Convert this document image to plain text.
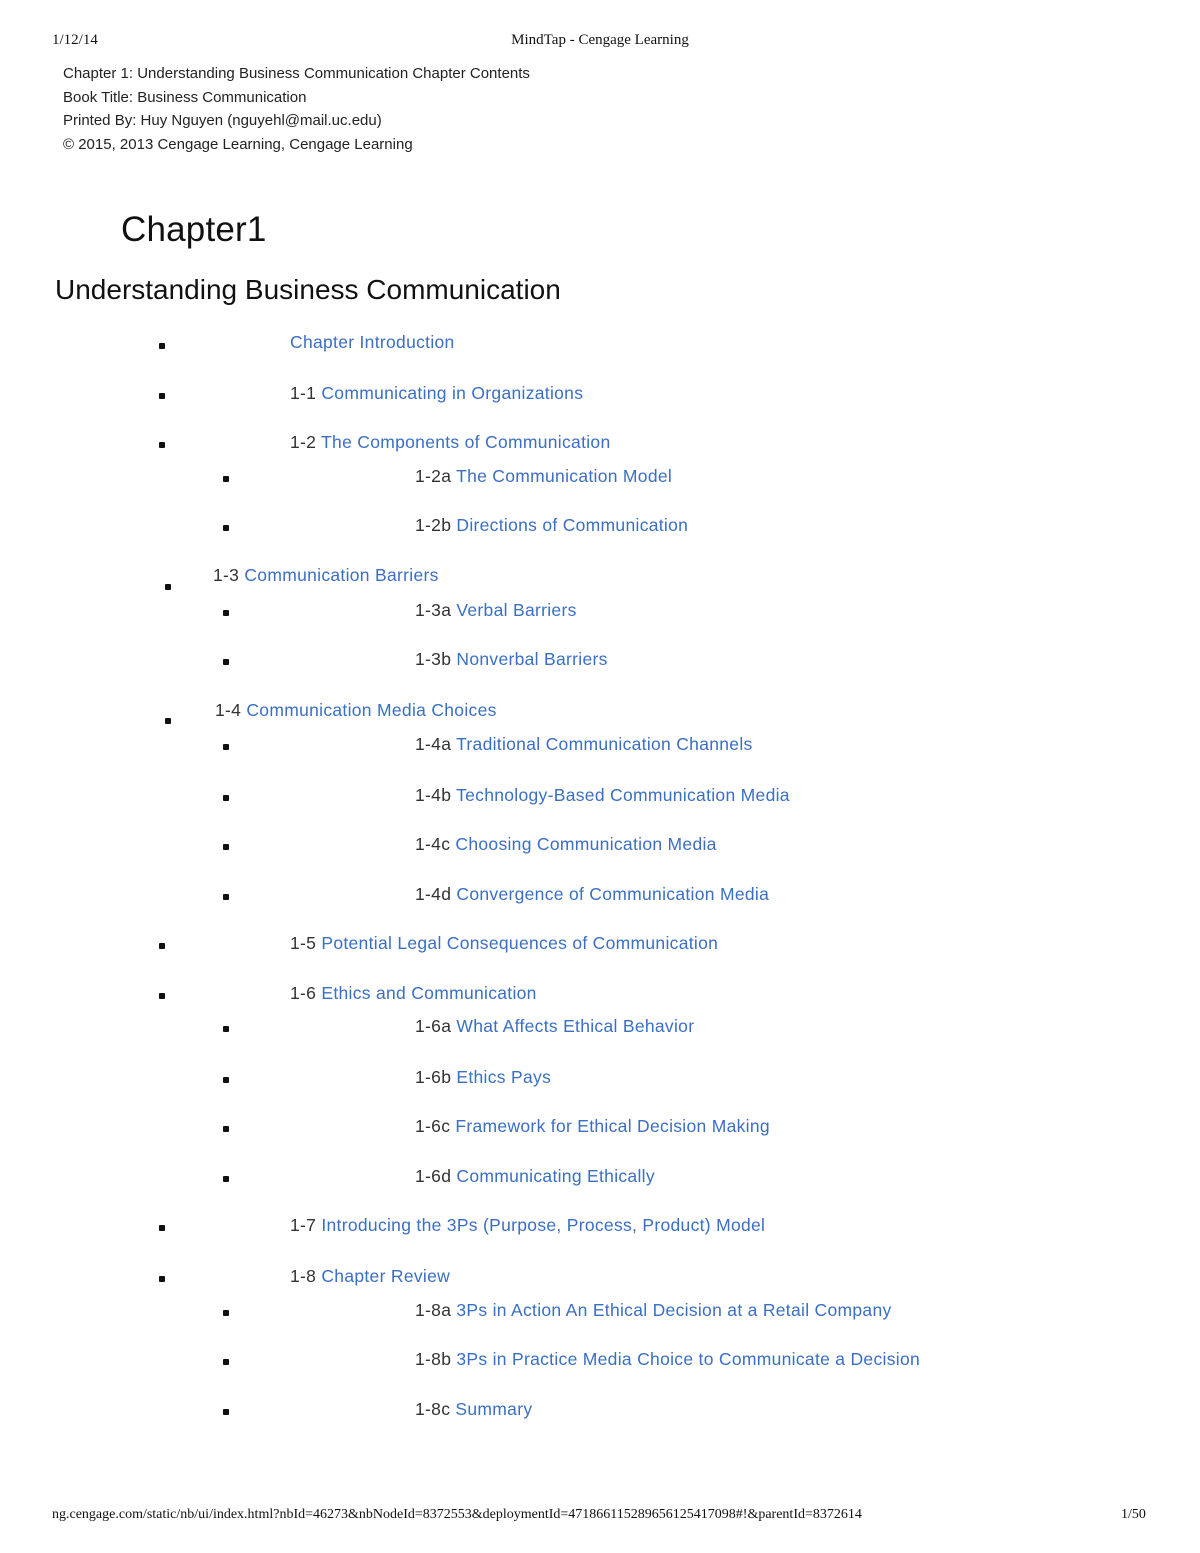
1/12/14	MindTap - Cengage Learning
Chapter 1: Understanding Business Communication Chapter Contents
Book Title: Business Communication
Printed By: Huy Nguyen (nguyehl@mail.uc.edu)
© 2015, 2013 Cengage Learning, Cengage Learning
Chapter1
Understanding Business Communication
Chapter Introduction
1-1 Communicating in Organizations
1-2 The Components of Communication
1-2a The Communication Model
1-2b Directions of Communication
1-3 Communication Barriers
1-3a Verbal Barriers
1-3b Nonverbal Barriers
1-4 Communication Media Choices
1-4a Traditional Communication Channels
1-4b Technology-Based Communication Media
1-4c Choosing Communication Media
1-4d Convergence of Communication Media
1-5 Potential Legal Consequences of Communication
1-6 Ethics and Communication
1-6a What Affects Ethical Behavior
1-6b Ethics Pays
1-6c Framework for Ethical Decision Making
1-6d Communicating Ethically
1-7 Introducing the 3Ps (Purpose, Process, Product) Model
1-8 Chapter Review
1-8a 3Ps in Action An Ethical Decision at a Retail Company
1-8b 3Ps in Practice Media Choice to Communicate a Decision
1-8c Summary
ng.cengage.com/static/nb/ui/index.html?nbId=46273&nbNodeId=8372553&deploymentId=471866115289656125417098#!&parentId=8372614	1/50
